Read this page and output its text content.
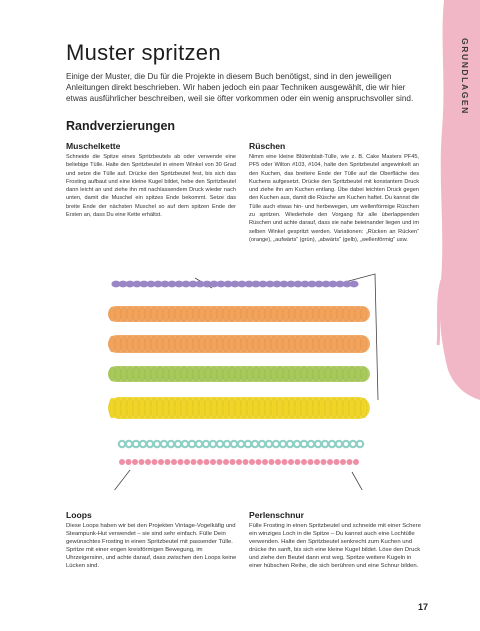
GRUNDLAGEN
Muster spritzen

Einige der Muster, die Du für die Projekte in diesem Buch benötigst, sind in den jeweiligen Anleitungen direkt beschrieben. Wir haben jedoch ein paar Techniken ausgewählt, die wir hier etwas ausführlicher beschreiben, weil sie öfter vorkommen oder ein wenig anspruchsvoller sind.

Randverzierungen
Muschelkette

Schneide die Spitze eines Spritzbeutels ab oder verwende eine beliebige Tülle. Halte den Spritzbeutel in einem Winkel von 30 Grad und setze die Tülle auf. Drücke den Spritzbeutel fest, bis sich das Frosting aufbaut und eine kleine Kugel bildet, hebe den Spritzbeutel dann leicht an und ziehe ihn mit nachlassendem Druck wieder nach unten, damit die Muschel ein spitzes Ende bekommt. Setze das breite Ende der nächsten Muschel so auf dem spitzen Ende der Ersten an, dass Du eine Kette erhältst.

Rüschen

Nimm eine kleine Blütenblatt-Tülle, wie z. B. Cake Masters PF45, PF5 oder Wilton #103, #104, halte den Spritzbeutel angewinkelt an den Kuchen, das breitere Ende der Tülle auf die Oberfläche des Kuchens aufgesetzt. Drücke den Spritzbeutel mit konstantem Druck und ziehe ihn am Kuchen entlang. Übe dabei leichten Druck gegen den Kuchen aus, damit die Rüsche am Kuchen haftet. Du kannst die Tülle auch etwas hin- und herbewegen, um wellenförmige Rüschen zu spritzen. Wiederhole den Vorgang für alle überlappenden Rüschen und achte darauf, dass sie nahe beieinander liegen und im selben Winkel gespritzt werden. Variationen: „Rücken an Rücken“ (orange), „aufwärts“ (grün), „abwärts“ (gelb), „wellenförmig“ usw.

Loops

Diese Loops haben wir bei den Projekten Vintage-Vogelkäfig und Steampunk-Hut verwendet – sie sind sehr einfach. Fülle Dein gewünschtes Frosting in einen Spritzbeutel mit passender Tülle. Spritze mit einer engen kreisförmigen Bewegung, im Uhrzeigersinn, und achte darauf, dass zwischen den Loops keine Lücken sind.

Perlenschnur

Fülle Frosting in einen Spritzbeutel und schneide mit einer Schere ein winziges Loch in die Spitze – Du kannst auch eine Lochtülle verwenden. Halte den Spritzbeutel senkrecht zum Kuchen und drücke ihn sanft, bis sich eine kleine Kugel bildet. Löse den Druck und ziehe den Beutel dann erst weg. Spritze weitere Kugeln in einer hübschen Reihe, die sich berühren und eine Schnur bilden.

17
